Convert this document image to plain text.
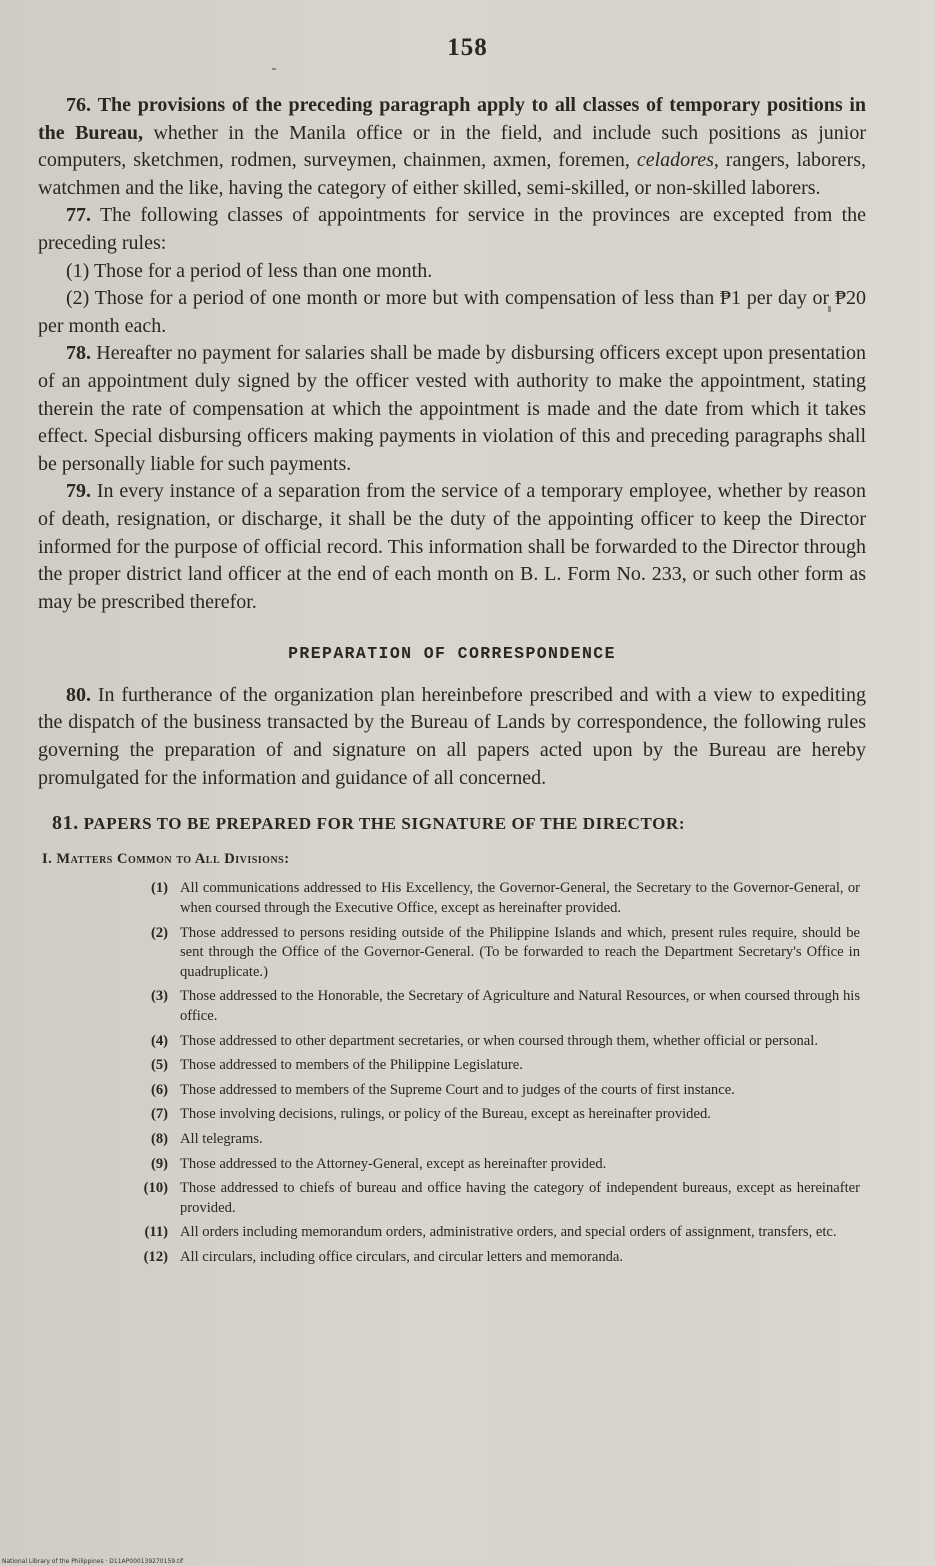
158

76. The provisions of the preceding paragraph apply to all classes of temporary positions in the Bureau, whether in the Manila office or in the field, and include such positions as junior computers, sketchmen, rodmen, surveymen, chainmen, axmen, foremen, celadores, rangers, laborers, watchmen and the like, having the category of either skilled, semi-skilled, or non-skilled laborers.

77. The following classes of appointments for service in the provinces are excepted from the preceding rules:

(1) Those for a period of less than one month.

(2) Those for a period of one month or more but with compensation of less than ₱1 per day or ₱20 per month each.

78. Hereafter no payment for salaries shall be made by disbursing officers except upon presentation of an appointment duly signed by the officer vested with authority to make the appointment, stating therein the rate of compensation at which the appointment is made and the date from which it takes effect. Special disbursing officers making payments in violation of this and preceding paragraphs shall be personally liable for such payments.

79. In every instance of a separation from the service of a temporary employee, whether by reason of death, resignation, or discharge, it shall be the duty of the appointing officer to keep the Director informed for the purpose of official record. This information shall be forwarded to the Director through the proper district land officer at the end of each month on B. L. Form No. 233, or such other form as may be prescribed therefor.

PREPARATION OF CORRESPONDENCE

80. In furtherance of the organization plan hereinbefore prescribed and with a view to expediting the dispatch of the business transacted by the Bureau of Lands by correspondence, the following rules governing the preparation of and signature on all papers acted upon by the Bureau are hereby promulgated for the information and guidance of all concerned.

81. PAPERS TO BE PREPARED FOR THE SIGNATURE OF THE DIRECTOR:
I. Matters Common to All Divisions:
(1) All communications addressed to His Excellency, the Governor-General, the Secretary to the Governor-General, or when coursed through the Executive Office, except as hereinafter provided.
(2) Those addressed to persons residing outside of the Philippine Islands and which, present rules require, should be sent through the Office of the Governor-General. (To be forwarded to reach the Department Secretary's Office in quadruplicate.)
(3) Those addressed to the Honorable, the Secretary of Agriculture and Natural Resources, or when coursed through his office.
(4) Those addressed to other department secretaries, or when coursed through them, whether official or personal.
(5) Those addressed to members of the Philippine Legislature.
(6) Those addressed to members of the Supreme Court and to judges of the courts of first instance.
(7) Those involving decisions, rulings, or policy of the Bureau, except as hereinafter provided.
(8) All telegrams.
(9) Those addressed to the Attorney-General, except as hereinafter provided.
(10) Those addressed to chiefs of bureau and office having the category of independent bureaus, except as hereinafter provided.
(11) All orders including memorandum orders, administrative orders, and special orders of assignment, transfers, etc.
(12) All circulars, including office circulars, and circular letters and memoranda.
National Library of the Philippines · D11AP000139270159.tif
